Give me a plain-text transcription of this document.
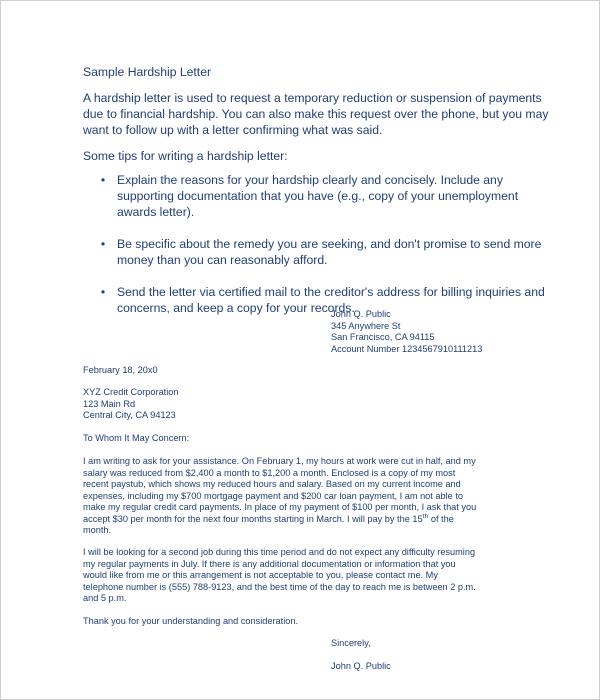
Sample Hardship Letter
A hardship letter is used to request a temporary reduction or suspension of payments due to financial hardship. You can also make this request over the phone, but you may want to follow up with a letter confirming what was said.
Some tips for writing a hardship letter:
• Explain the reasons for your hardship clearly and concisely. Include any supporting documentation that you have (e.g., copy of your unemployment awards letter).
• Be specific about the remedy you are seeking, and don't promise to send more money than you can reasonably afford.
• Send the letter via certified mail to the creditor's address for billing inquiries and concerns, and keep a copy for your records.
John Q. Public
345 Anywhere St
San Francisco, CA 94115
Account Number 1234567910111213
February 18, 20x0
XYZ Credit Corporation
123 Main Rd
Central City, CA 94123
To Whom It May Concern:
I am writing to ask for your assistance. On February 1, my hours at work were cut in half, and my
salary was reduced from $2,400 a month to $1,200 a month. Enclosed is a copy of my most
recent paystub, which shows my reduced hours and salary. Based on my current income and
expenses, including my $700 mortgage payment and $200 car loan payment, I am not able to
make my regular credit card payments. In place of my payment of $100 per month, I ask that you
accept $30 per month for the next four months starting in March. I will pay by the 15th of the
month.
I will be looking for a second job during this time period and do not expect any difficulty resuming
my regular payments in July. If there is any additional documentation or information that you
would like from me or this arrangement is not acceptable to you, please contact me. My
telephone number is (555) 788-9123, and the best time of the day to reach me is between 2 p.m.
and 5 p.m.
Thank you for your understanding and consideration.
Sincerely,
John Q. Public
